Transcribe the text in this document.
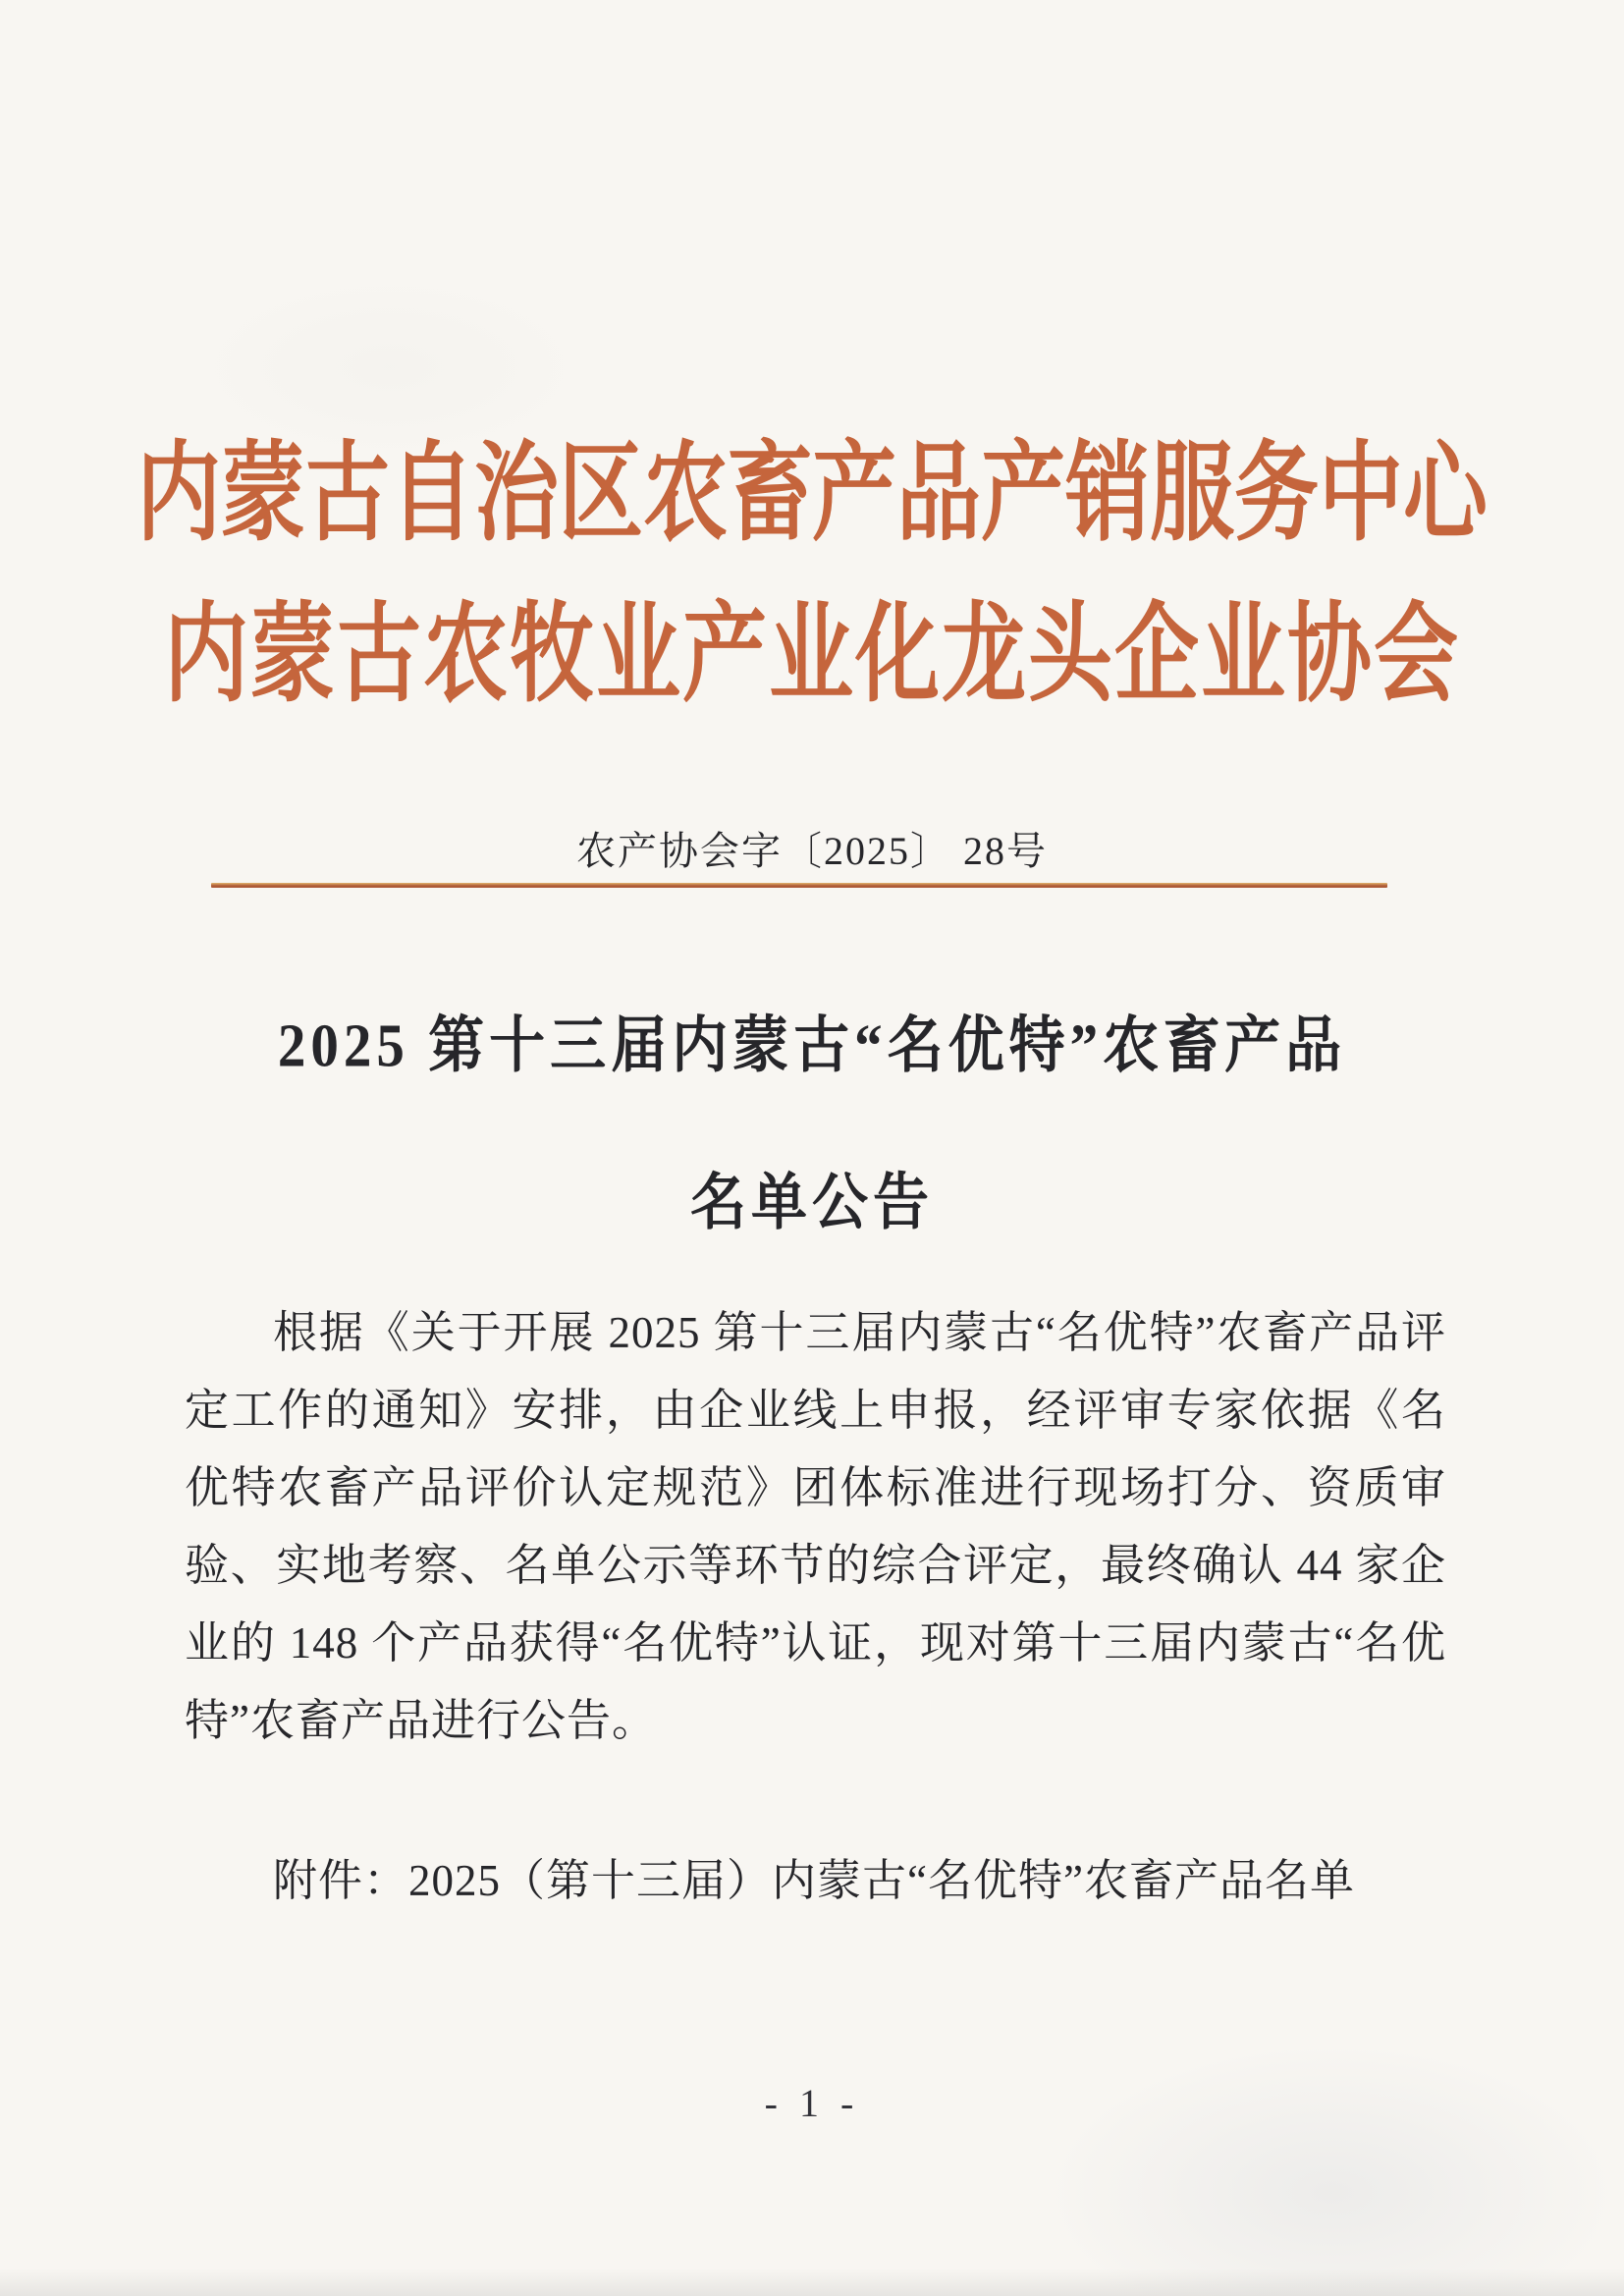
内蒙古自治区农畜产品产销服务中心
内蒙古农牧业产业化龙头企业协会
农产协会字〔2025〕 28号
2025 第十三届内蒙古“名优特”农畜产品
名单公告

根据《关于开展 2025 第十三届内蒙古“名优特”农畜产品评定工作的通知》安排，由企业线上申报，经评审专家依据《名优特农畜产品评价认定规范》团体标准进行现场打分、资质审验、实地考察、名单公示等环节的综合评定，最终确认 44 家企业的 148 个产品获得“名优特”认证，现对第十三届内蒙古“名优特”农畜产品进行公告。

附件：2025（第十三届）内蒙古“名优特”农畜产品名单
- 1 -
